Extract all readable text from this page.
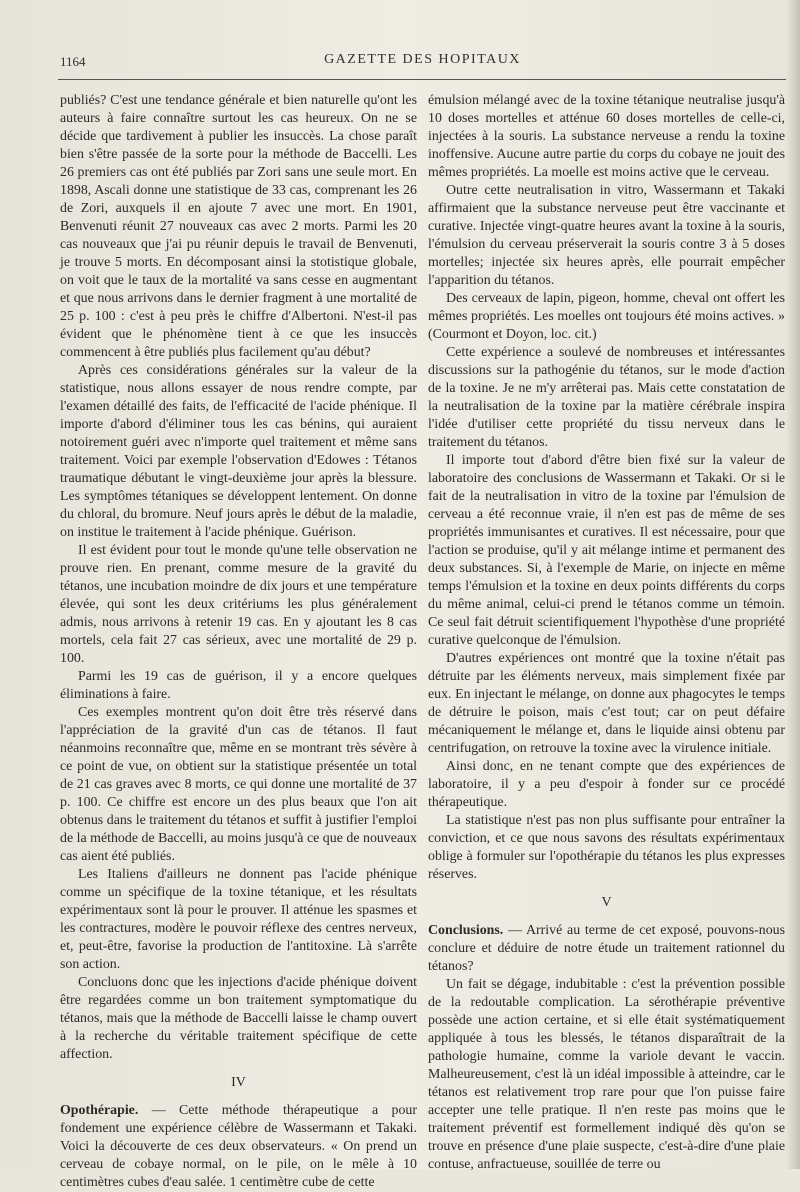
1164	GAZETTE DES HOPITAUX

publiés? C'est une tendance générale et bien naturelle qu'ont les auteurs à faire connaître surtout les cas heureux. On ne se décide que tardivement à publier les insuccès. La chose paraît bien s'être passée de la sorte pour la méthode de Baccelli. Les 26 premiers cas ont été publiés par Zori sans une seule mort. En 1898, Ascali donne une statistique de 33 cas, comprenant les 26 de Zori, auxquels il en ajoute 7 avec une mort. En 1901, Benvenuti réunit 27 nouveaux cas avec 2 morts. Parmi les 20 cas nouveaux que j'ai pu réunir depuis le travail de Benvenuti, je trouve 5 morts. En décomposant ainsi la stotistique globale, on voit que le taux de la mortalité va sans cesse en augmentant et que nous arrivons dans le dernier fragment à une mortalité de 25 p. 100 : c'est à peu près le chiffre d'Albertoni. N'est-il pas évident que le phénomène tient à ce que les insuccès commencent à être publiés plus facilement qu'au début?

Après ces considérations générales sur la valeur de la statistique, nous allons essayer de nous rendre compte, par l'examen détaillé des faits, de l'efficacité de l'acide phénique. Il importe d'abord d'éliminer tous les cas bénins, qui auraient notoirement guéri avec n'importe quel traitement et même sans traitement. Voici par exemple l'observation d'Edowes : Tétanos traumatique débutant le vingt-deuxième jour après la blessure. Les symptômes tétaniques se développent lentement. On donne du chloral, du bromure. Neuf jours après le début de la maladie, on institue le traitement à l'acide phénique. Guérison.

Il est évident pour tout le monde qu'une telle observation ne prouve rien. En prenant, comme mesure de la gravité du tétanos, une incubation moindre de dix jours et une température élevée, qui sont les deux critériums les plus généralement admis, nous arrivons à retenir 19 cas. En y ajoutant les 8 cas mortels, cela fait 27 cas sérieux, avec une mortalité de 29 p. 100.

Parmi les 19 cas de guérison, il y a encore quelques éliminations à faire.

Ces exemples montrent qu'on doit être très réservé dans l'appréciation de la gravité d'un cas de tétanos. Il faut néanmoins reconnaître que, même en se montrant très sévère à ce point de vue, on obtient sur la statistique présentée un total de 21 cas graves avec 8 morts, ce qui donne une mortalité de 37 p. 100. Ce chiffre est encore un des plus beaux que l'on ait obtenus dans le traitement du tétanos et suffit à justifier l'emploi de la méthode de Baccelli, au moins jusqu'à ce que de nouveaux cas aient été publiés.

Les Italiens d'ailleurs ne donnent pas l'acide phénique comme un spécifique de la toxine tétanique, et les résultats expérimentaux sont là pour le prouver. Il atténue les spasmes et les contractures, modère le pouvoir réflexe des centres nerveux, et, peut-être, favorise la production de l'antitoxine. Là s'arrête son action.

Concluons donc que les injections d'acide phénique doivent être regardées comme un bon traitement symptomatique du tétanos, mais que la méthode de Baccelli laisse le champ ouvert à la recherche du véritable traitement spécifique de cette affection.

IV

Opothérapie. — Cette méthode thérapeutique a pour fondement une expérience célèbre de Wassermann et Takaki. Voici la découverte de ces deux observateurs. « On prend un cerveau de cobaye normal, on le pile, on le mêle à 10 centimètres cubes d'eau salée. 1 centimètre cube de cette

émulsion mélangé avec de la toxine tétanique neutralise jusqu'à 10 doses mortelles et atténue 60 doses mortelles de celle-ci, injectées à la souris. La substance nerveuse a rendu la toxine inoffensive. Aucune autre partie du corps du cobaye ne jouit des mêmes propriétés. La moelle est moins active que le cerveau.

Outre cette neutralisation in vitro, Wassermann et Takaki affirmaient que la substance nerveuse peut être vaccinante et curative. Injectée vingt-quatre heures avant la toxine à la souris, l'émulsion du cerveau préserverait la souris contre 3 à 5 doses mortelles; injectée six heures après, elle pourrait empêcher l'apparition du tétanos.

Des cerveaux de lapin, pigeon, homme, cheval ont offert les mêmes propriétés. Les moelles ont toujours été moins actives. » (Courmont et Doyon, loc. cit.)

Cette expérience a soulevé de nombreuses et intéressantes discussions sur la pathogénie du tétanos, sur le mode d'action de la toxine. Je ne m'y arrêterai pas. Mais cette constatation de la neutralisation de la toxine par la matière cérébrale inspira l'idée d'utiliser cette propriété du tissu nerveux dans le traitement du tétanos.

Il importe tout d'abord d'être bien fixé sur la valeur de laboratoire des conclusions de Wassermann et Takaki. Or si le fait de la neutralisation in vitro de la toxine par l'émulsion de cerveau a été reconnue vraie, il n'en est pas de même de ses propriétés immunisantes et curatives. Il est nécessaire, pour que l'action se produise, qu'il y ait mélange intime et permanent des deux substances. Si, à l'exemple de Marie, on injecte en même temps l'émulsion et la toxine en deux points différents du corps du même animal, celui-ci prend le tétanos comme un témoin. Ce seul fait détruit scientifiquement l'hypothèse d'une propriété curative quelconque de l'émulsion.

D'autres expériences ont montré que la toxine n'était pas détruite par les éléments nerveux, mais simplement fixée par eux. En injectant le mélange, on donne aux phagocytes le temps de détruire le poison, mais c'est tout; car on peut défaire mécaniquement le mélange et, dans le liquide ainsi obtenu par centrifugation, on retrouve la toxine avec la virulence initiale.

Ainsi donc, en ne tenant compte que des expériences de laboratoire, il y a peu d'espoir à fonder sur ce procédé thérapeutique.

La statistique n'est pas non plus suffisante pour entraîner la conviction, et ce que nous savons des résultats expérimentaux oblige à formuler sur l'opothérapie du tétanos les plus expresses réserves.

V

Conclusions. — Arrivé au terme de cet exposé, pouvons-nous conclure et déduire de notre étude un traitement rationnel du tétanos?

Un fait se dégage, indubitable : c'est la prévention possible de la redoutable complication. La sérothérapie préventive possède une action certaine, et si elle était systématiquement appliquée à tous les blessés, le tétanos disparaîtrait de la pathologie humaine, comme la variole devant le vaccin. Malheureusement, c'est là un idéal impossible à atteindre, car le tétanos est relativement trop rare pour que l'on puisse faire accepter une telle pratique. Il n'en reste pas moins que le traitement préventif est formellement indiqué dès qu'on se trouve en présence d'une plaie suspecte, c'est-à-dire d'une plaie contuse, anfractueuse, souillée de terre ou
